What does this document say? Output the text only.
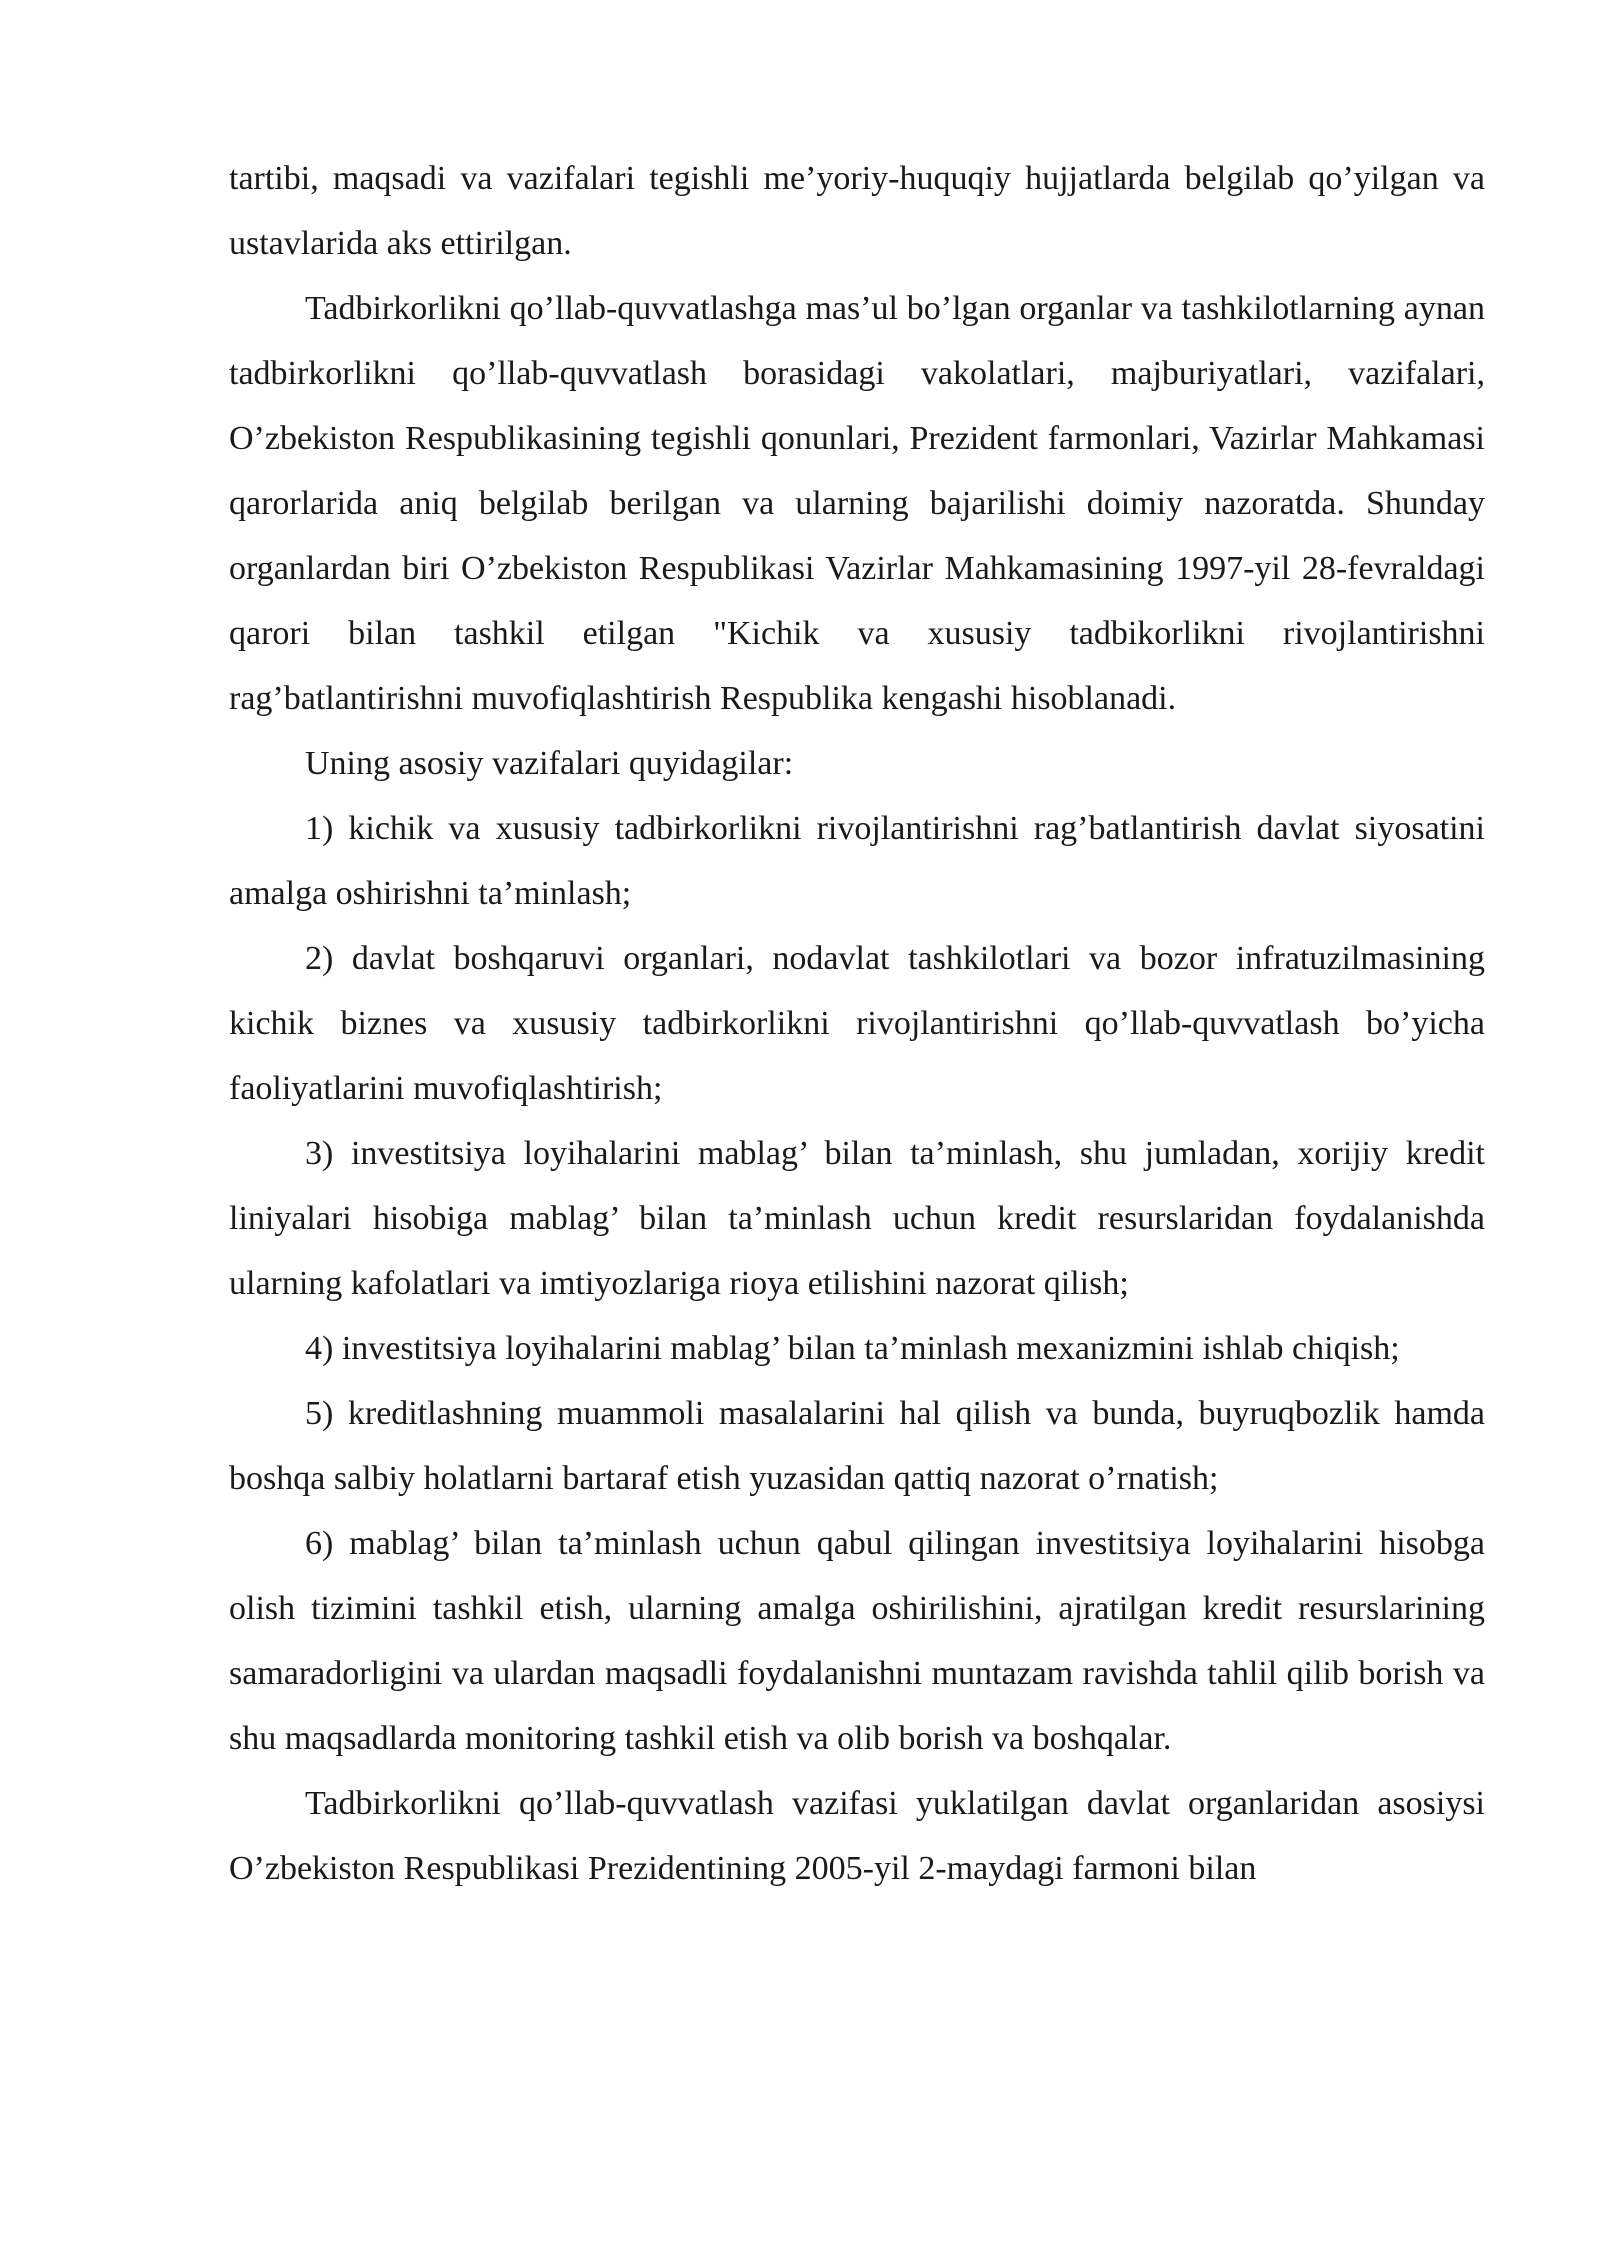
tartibi, maqsadi va vazifalari tegishli me’yoriy-huquqiy hujjatlarda belgilab qo’yilgan va ustavlarida aks ettirilgan.

Tadbirkorlikni qo’llab-quvvatlashga mas’ul bo’lgan organlar va tashkilotlarning aynan tadbirkorlikni qo’llab-quvvatlash borasidagi vakolatlari, majburiyatlari, vazifalari, O’zbekiston Respublikasining tegishli qonunlari, Prezident farmonlari, Vazirlar Mahkamasi qarorlarida aniq belgilab berilgan va ularning bajarilishi doimiy nazoratda. Shunday organlardan biri O’zbekiston Respublikasi Vazirlar Mahkamasining 1997-yil 28-fevraldagi qarori bilan tashkil etilgan "Kichik va xususiy tadbikorlikni rivojlantirishni rag’batlantirishni muvofiqlashtirish Respublika kengashi hisoblanadi.

Uning asosiy vazifalari quyidagilar:

1) kichik va xususiy tadbirkorlikni rivojlantirishni rag’batlantirish davlat siyosatini amalga oshirishni ta’minlash;

2) davlat boshqaruvi organlari, nodavlat tashkilotlari va bozor infratuzilmasining kichik biznes va xususiy tadbirkorlikni rivojlantirishni qo’llab-quvvatlash bo’yicha faoliyatlarini muvofiqlashtirish;

3) investitsiya loyihalarini mablag’ bilan ta’minlash, shu jumladan, xorijiy kredit liniyalari hisobiga mablag’ bilan ta’minlash uchun kredit resurslaridan foydalanishda ularning kafolatlari va imtiyozlariga rioya etilishini nazorat qilish;

4) investitsiya loyihalarini mablag’ bilan ta’minlash mexanizmini ishlab chiqish;

5) kreditlashning muammoli masalalarini hal qilish va bunda, buyruqbozlik hamda boshqa salbiy holatlarni bartaraf etish yuzasidan qattiq nazorat o’rnatish;

6) mablag’ bilan ta’minlash uchun qabul qilingan investitsiya loyihalarini hisobga olish tizimini tashkil etish, ularning amalga oshirilishini, ajratilgan kredit resurslarining samaradorligini va ulardan maqsadli foydalanishni muntazam ravishda tahlil qilib borish va shu maqsadlarda monitoring tashkil etish va olib borish va boshqalar.

Tadbirkorlikni qo’llab-quvvatlash vazifasi yuklatilgan davlat organlaridan asosiysi O’zbekiston Respublikasi Prezidentining 2005-yil 2-maydagi farmoni bilan
